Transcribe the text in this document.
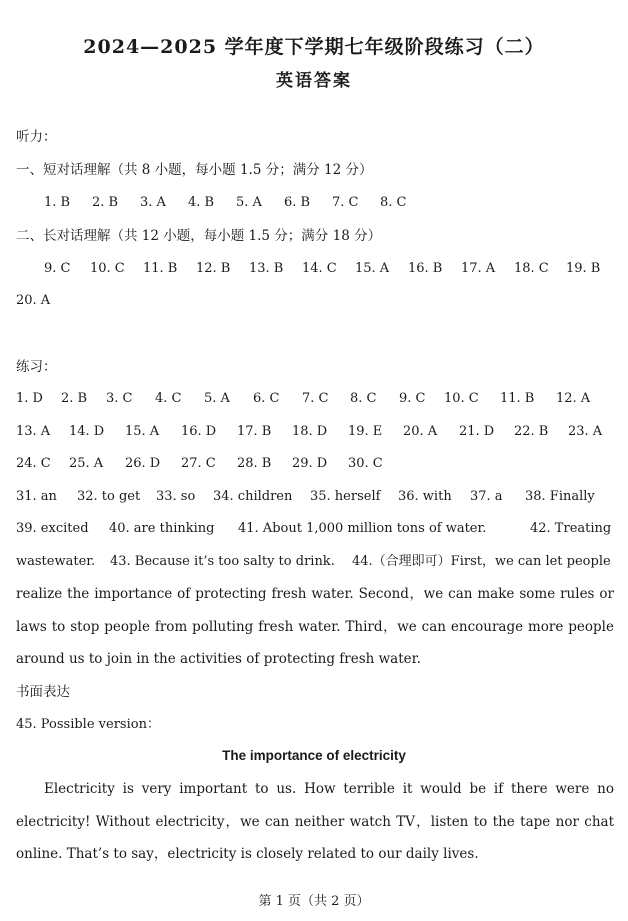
2024—2025 学年度下学期七年级阶段练习（二）
英语答案
听力：
一、短对话理解（共 8 小题，每小题 1.5 分；满分 12 分）
1. B 2. B 3. A 4. B 5. A 6. B 7. C 8. C
二、长对话理解（共 12 小题，每小题 1.5 分；满分 18 分）
9. C 10. C 11. B 12. B 13. B 14. C 15. A 16. B 17. A 18. C 19. B
20. A
练习：
1. D 2. B 3. C 4. C 5. A 6. C 7. C 8. C 9. C 10. C 11. B 12. A
13. A 14. D 15. A 16. D 17. B 18. D 19. E 20. A 21. D 22. B 23. A
24. C 25. A 26. D 27. C 28. B 29. D 30. C
31. an 32. to get 33. so 34. children 35. herself 36. with 37. a 38. Finally
39. excited 40. are thinking 41. About 1,000 million tons of water.	42. Treating
wastewater. 43. Because it’s too salty to drink. 44.（合理即可）First，we can let people
realize the importance of protecting fresh water. Second，we can make some rules or laws to stop people from polluting fresh water. Third，we can encourage more people around us to join in the activities of protecting fresh water.
书面表达
45. Possible version：
The importance of electricity
Electricity is very important to us. How terrible it would be if there were no electricity! Without electricity，we can neither watch TV，listen to the tape nor chat online. That’s to say，electricity is closely related to our daily lives.
第 1 页（共 2 页）
